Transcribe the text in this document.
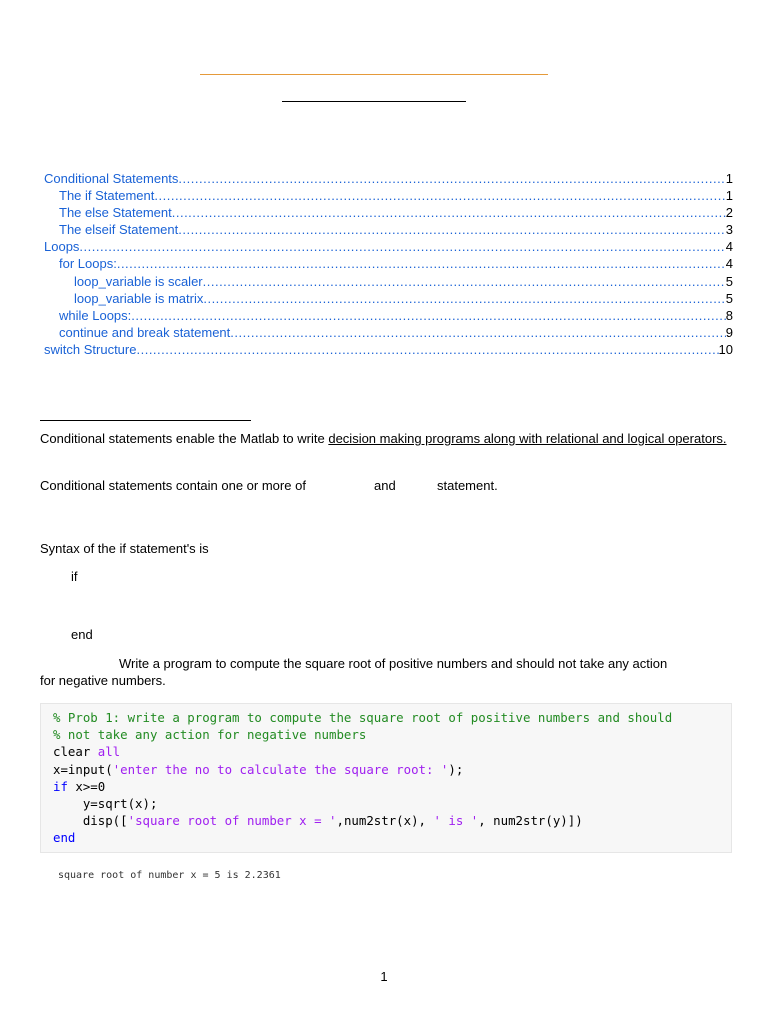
Conditional Statements .....	1
The if Statement .....	1
The else Statement .....	2
The elseif Statement .....	3
Loops .....	4
for Loops: .....	4
loop_variable is scaler .....	5
loop_variable is matrix .....	5
while Loops: .....	8
continue and break statement .....	9
switch Structure .....	10
Conditional statements enable the Matlab to write decision making programs along with relational and logical operators.
Conditional statements contain one or more of	and	statement.
Syntax of the if statement's is
if
end
Write a program to compute the square root of positive numbers and should not take any action
for negative numbers.
% Prob 1: write a program to compute the square root of positive numbers and should
% not take any action for negative numbers
clear all
x=input('enter the no to calculate the square root: ');
if x>=0
y=sqrt(x);
disp(['square root of number x = ',num2str(x), ' is ', num2str(y)])
end
square root of number x = 5 is 2.2361
1
